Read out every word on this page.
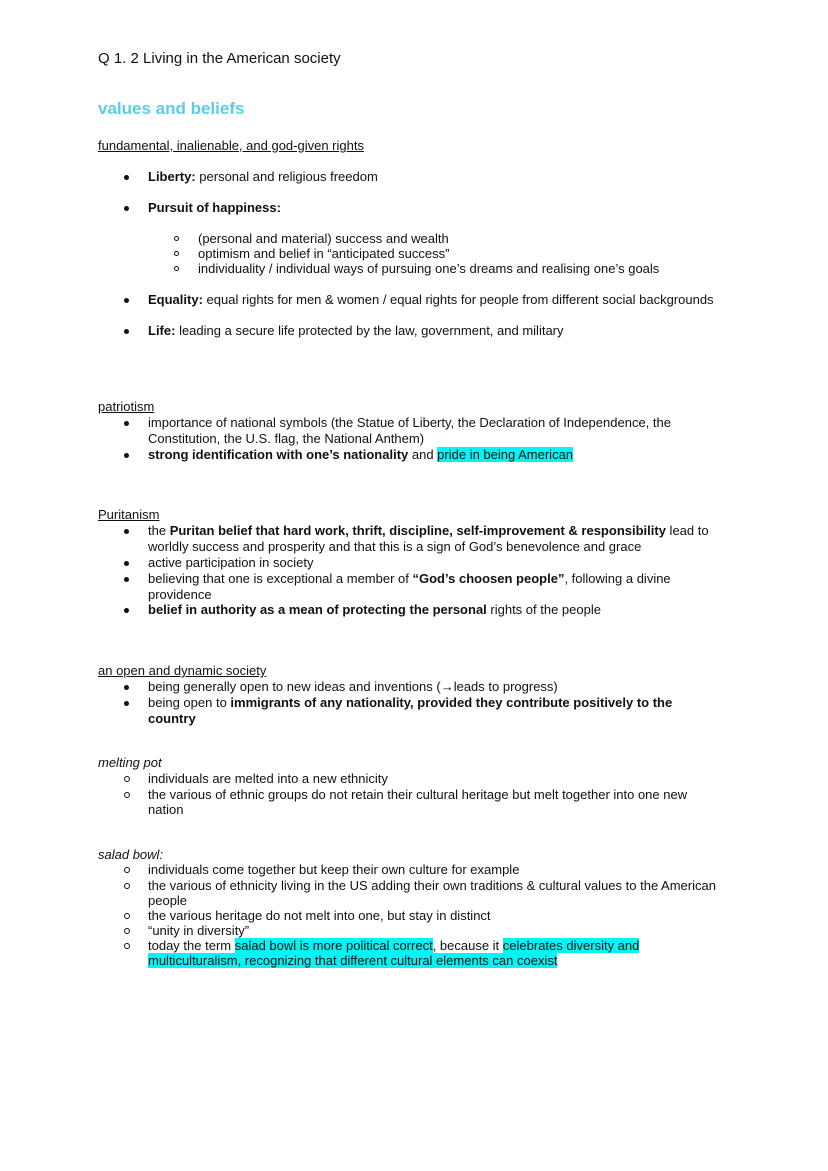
Q 1. 2 Living in the American society
values and beliefs
fundamental, inalienable, and god-given rights
Liberty: personal and religious freedom
Pursuit of happiness:
(personal and material) success and wealth
optimism and belief in “anticipated success”
individuality / individual ways of pursuing one’s dreams and realising one’s goals
Equality: equal rights for men & women / equal rights for people from different social backgrounds
Life: leading a secure life protected by the law, government, and military
patriotism
importance of national symbols (the Statue of Liberty, the Declaration of Independence, the
Constitution, the U.S. flag, the National Anthem)
strong identification with one’s nationality and pride in being American
Puritanism
the Puritan belief that hard work, thrift, discipline, self-improvement & responsibility lead to
worldly success and prosperity and that this is a sign of God’s benevolence and grace
active participation in society
believing that one is exceptional a member of “God’s choosen people”, following a divine
providence
belief in authority as a mean of protecting the personal rights of the people
an open and dynamic society
being generally open to new ideas and inventions (→leads to progress)
being open to immigrants of any nationality, provided they contribute positively to the
country
melting pot
individuals are melted into a new ethnicity
the various of ethnic groups do not retain their cultural heritage but melt together into one new
nation
salad bowl:
individuals come together but keep their own culture for example
the various of ethnicity living in the US adding their own traditions & cultural values to the American
people
the various heritage do not melt into one, but stay in distinct
“unity in diversity”
today the term salad bowl is more political correct, because it celebrates diversity and
multiculturalism, recognizing that different cultural elements can coexist
